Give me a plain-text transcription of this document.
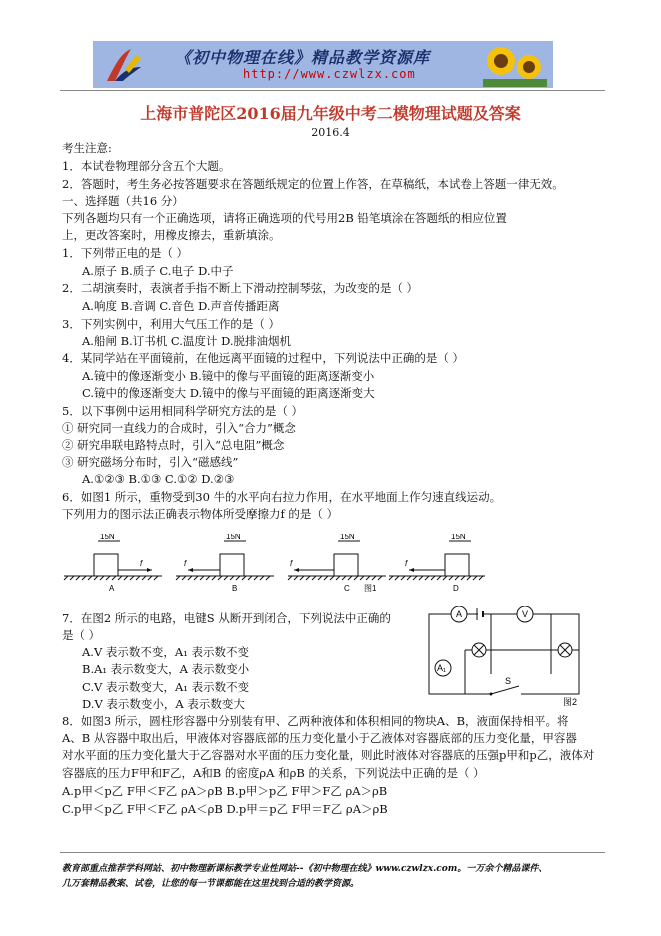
《初中物理在线》精品教学资源库
http://www.czwlzx.com
上海市普陀区2016届九年级中考二模物理试题及答案
2016.4
考生注意:
1．本试卷物理部分含五个大题。
2．答题时，考生务必按答题要求在答题纸规定的位置上作答，在草稿纸，本试卷上答题一律无效。
一、选择题（共16 分）
下列各题均只有一个正确选项，请将正确选项的代号用2B 铅笔填涂在答题纸的相应位置
上，更改答案时，用橡皮擦去，重新填涂。
1．下列带正电的是（ ）
A.原子 B.质子 C.电子 D.中子
2．二胡演奏时，表演者手指不断上下滑动控制琴弦，为改变的是（ ）
A.响度 B.音调 C.音色 D.声音传播距离
3．下列实例中，利用大气压工作的是（ ）
A.船闸 B.订书机 C.温度计 D.脱排油烟机
4．某同学站在平面镜前，在他远离平面镜的过程中，下列说法中正确的是（ ）
A.镜中的像逐渐变小 B.镜中的像与平面镜的距离逐渐变小
C.镜中的像逐渐变大 D.镜中的像与平面镜的距离逐渐变大
5．以下事例中运用相同科学研究方法的是（ ）
① 研究同一直线力的合成时，引入“合力”概念
② 研究串联电路特点时，引入“总电阻”概念
③ 研究磁场分布时，引入“磁感线”
A.①②③ B.①③ C.①② D.②③
6．如图1 所示，重物受到30 牛的水平向右拉力作用，在水平地面上作匀速直线运动。
下列用力的图示法正确表示物体所受摩擦力f 的是（ ）
15N
f
A
15N
f
B
15N
f
C 图1
15N
f
D
7．在图2 所示的电路，电键S 从断开到闭合，下列说法中正确的
是（ ）
A.V 表示数不变，A₁ 表示数不变
B.A₁ 表示数变大，A 表示数变小
C.V 表示数变大，A₁ 表示数不变
D.V 表示数变小，A 表示数变大
A	V
A₁
S
图2
8．如图3 所示，圆柱形容器中分别装有甲、乙两种液体和体积相同的物块A、B，液面保持相平。将
A、B 从容器中取出后，甲液体对容器底部的压力变化量小于乙液体对容器底部的压力变化量，甲容器
对水平面的压力变化量大于乙容器对水平面的压力变化量，则此时液体对容器底的压强p甲和p乙，液体对
容器底的压力F甲和F乙，A和B 的密度ρA 和ρB 的关系，下列说法中正确的是（ ）
A.p甲＜p乙 F甲＜F乙 ρA＞ρB B.p甲＞p乙 F甲＞F乙 ρA＞ρB
C.p甲＜p乙 F甲＜F乙 ρA＜ρB D.p甲＝p乙 F甲＝F乙 ρA＞ρB
教育部重点推荐学科网站、初中物理新课标教学专业性网站--《初中物理在线》www.czwlzx.com。一万余个精品课件、
几万套精品教案、试卷，让您的每一节课都能在这里找到合适的教学资源。
